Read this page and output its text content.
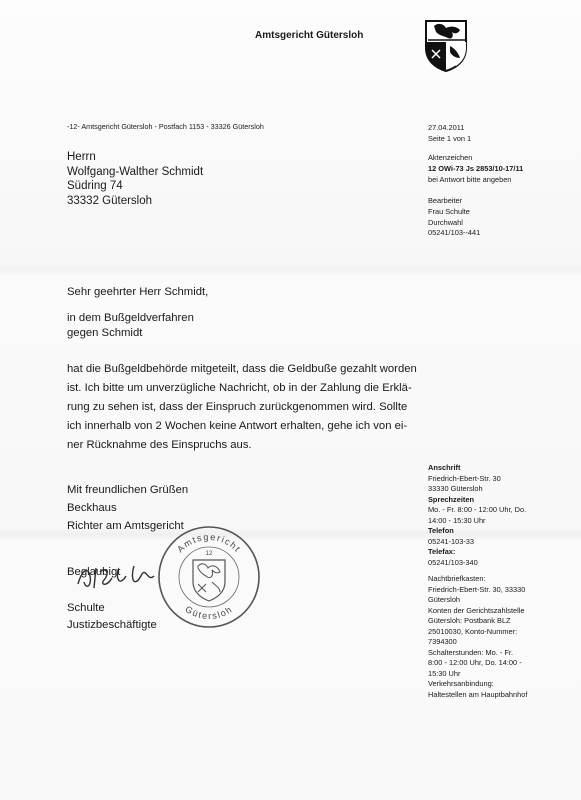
Amtsgericht Gütersloh
-12- Amtsgericht Gütersloh - Postfach 1153 - 33326 Gütersloh
Herrn
Wolfgang-Walther Schmidt
Südring 74
33332 Gütersloh
27.04.2011
Seite 1 von 1
Aktenzeichen
12 OWi-73 Js 2853/10-17/11
bei Antwort bitte angeben
Bearbeiter
Frau Schulte
Durchwahl
05241/103--441
Sehr geehrter Herr Schmidt,
in dem Bußgeldverfahren
gegen Schmidt
hat die Bußgeldbehörde mitgeteilt, dass die Geldbuße gezahlt worden
ist. Ich bitte um unverzügliche Nachricht, ob in der Zahlung die Erklä-
rung zu sehen ist, dass der Einspruch zurückgenommen wird. Sollte
ich innerhalb von 2 Wochen keine Antwort erhalten, gehe ich von ei-
ner Rücknahme des Einspruchs aus.
Mit freundlichen Grüßen
Beckhaus
Richter am Amtsgericht
Beglaubigt
Schulte
Justizbeschäftigte
Amtsgericht
Gütersloh
12
Anschrift
Friedrich-Ebert-Str. 30
33330 Gütersloh
Sprechzeiten
Mo. - Fr. 8:00 - 12:00 Uhr, Do.
14:00 - 15:30 Uhr
Telefon
05241-103-33
Telefax:
05241/103-340
Nachtbriefkasten:
Friedrich-Ebert-Str. 30, 33330
Gütersloh
Konten der Gerichtszahlstelle
Gütersloh: Postbank BLZ
25010030, Konto-Nummer:
7394300
Schalterstunden: Mo. - Fr.
8:00 - 12:00 Uhr, Do. 14:00 -
15:30 Uhr
Verkehrsanbindung:
Haltestellen am Hauptbahnhof
